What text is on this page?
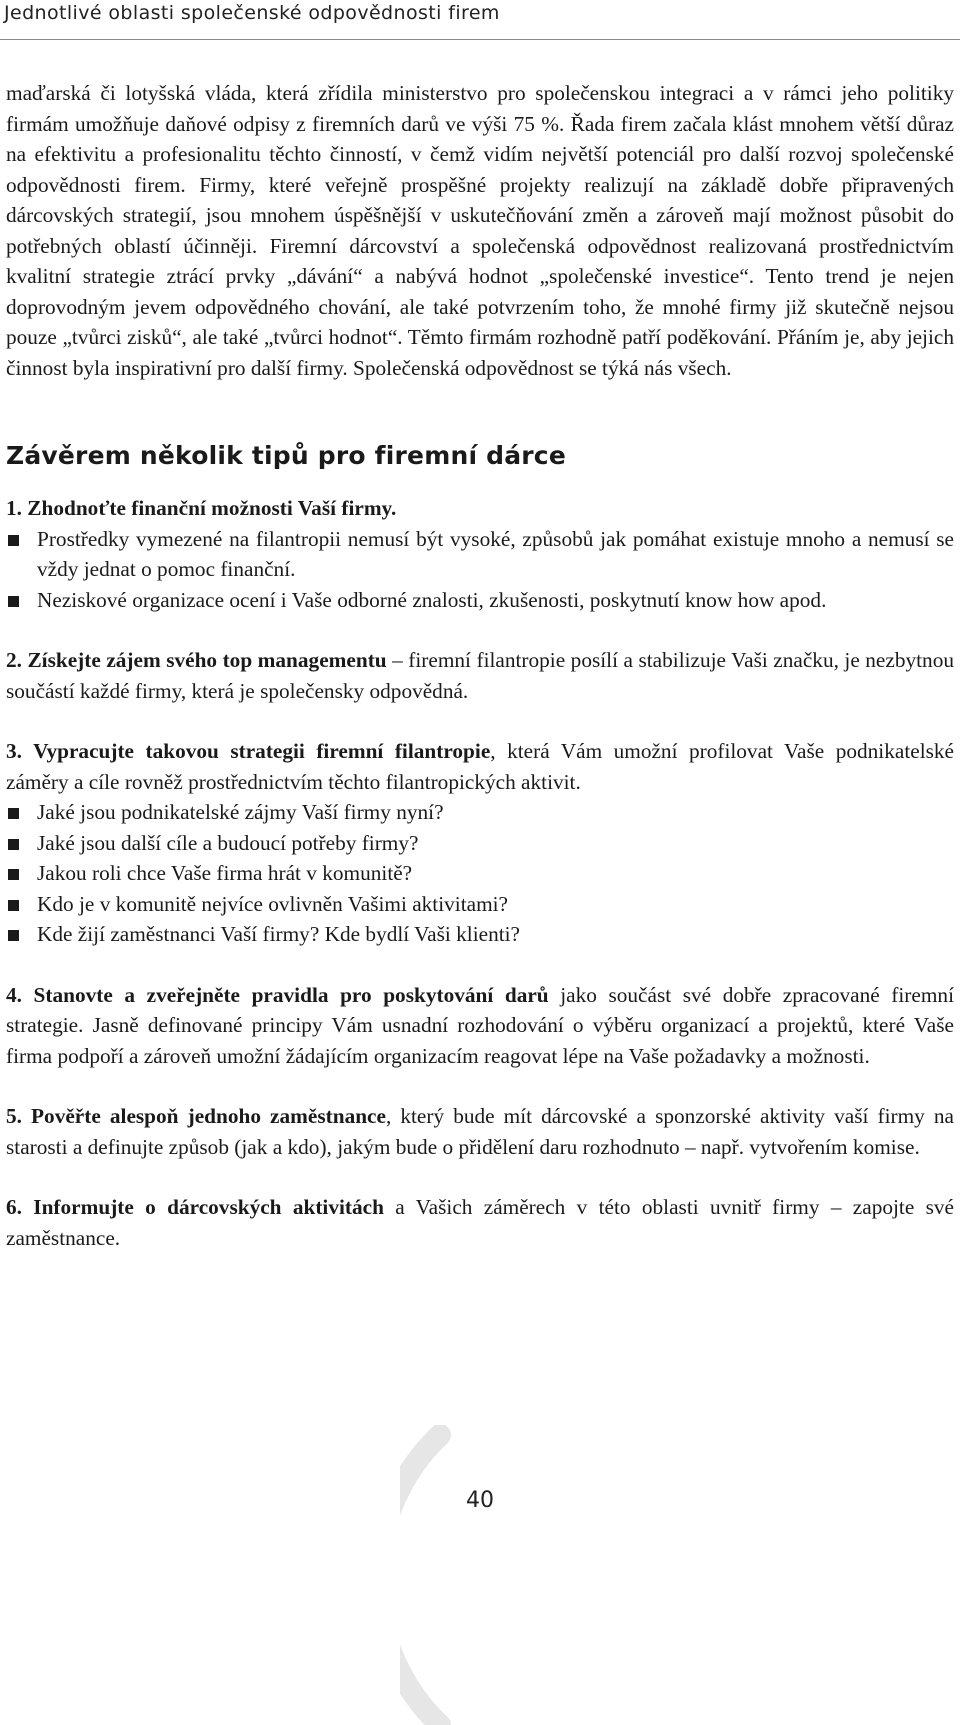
Jednotlivé oblasti společenské odpovědnosti firem

maďarská či lotyšská vláda, která zřídila ministerstvo pro společenskou integraci a v rámci jeho politiky firmám umožňuje daňové odpisy z firemních darů ve výši 75 %. Řada firem začala klást mnohem větší důraz na efektivitu a profesionalitu těchto činností, v čemž vidím největší potenciál pro další rozvoj společenské odpovědnosti firem. Firmy, které veřejně prospěšné projekty realizují na základě dobře připravených dárcovských strategií, jsou mnohem úspěšnější v uskutečňování změn a zároveň mají možnost působit do potřebných oblastí účinněji. Firemní dárcovství a společenská odpovědnost realizovaná prostřednictvím kvalitní strategie ztrácí prvky „dávání“ a nabývá hodnot „společenské investice“. Tento trend je nejen doprovodným jevem odpovědného chování, ale také potvrzením toho, že mnohé firmy již skutečně nejsou pouze „tvůrci zisků“, ale také „tvůrci hodnot“. Těmto firmám rozhodně patří poděkování. Přáním je, aby jejich činnost byla inspirativní pro další firmy. Společenská odpovědnost se týká nás všech.

Závěrem několik tipů pro firemní dárce

1. Zhodnoťte finanční možnosti Vaší firmy.

Prostředky vymezené na filantropii nemusí být vysoké, způsobů jak pomáhat existuje mnoho a nemusí se vždy jednat o pomoc finanční.
Neziskové organizace ocení i Vaše odborné znalosti, zkušenosti, poskytnutí know how apod.

2. Získejte zájem svého top managementu – firemní filantropie posílí a stabilizuje Vaši značku, je nezbytnou součástí každé firmy, která je společensky odpovědná.

3. Vypracujte takovou strategii firemní filantropie, která Vám umožní profilovat Vaše podnikatelské záměry a cíle rovněž prostřednictvím těchto filantropických aktivit.

Jaké jsou podnikatelské zájmy Vaší firmy nyní?
Jaké jsou další cíle a budoucí potřeby firmy?
Jakou roli chce Vaše firma hrát v komunitě?
Kdo je v komunitě nejvíce ovlivněn Vašimi aktivitami?
Kde žijí zaměstnanci Vaší firmy? Kde bydlí Vaši klienti?

4. Stanovte a zveřejněte pravidla pro poskytování darů jako součást své dobře zpracované firemní strategie. Jasně definované principy Vám usnadní rozhodování o výběru organizací a projektů, které Vaše firma podpoří a zároveň umožní žádajícím organizacím reagovat lépe na Vaše požadavky a možnosti.

5. Pověřte alespoň jednoho zaměstnance, který bude mít dárcovské a sponzorské aktivity vaší firmy na starosti a definujte způsob (jak a kdo), jakým bude o přidělení daru rozhodnuto – např. vytvořením komise.

6. Informujte o dárcovských aktivitách a Vašich záměrech v této oblasti uvnitř firmy – zapojte své zaměstnance.

40
